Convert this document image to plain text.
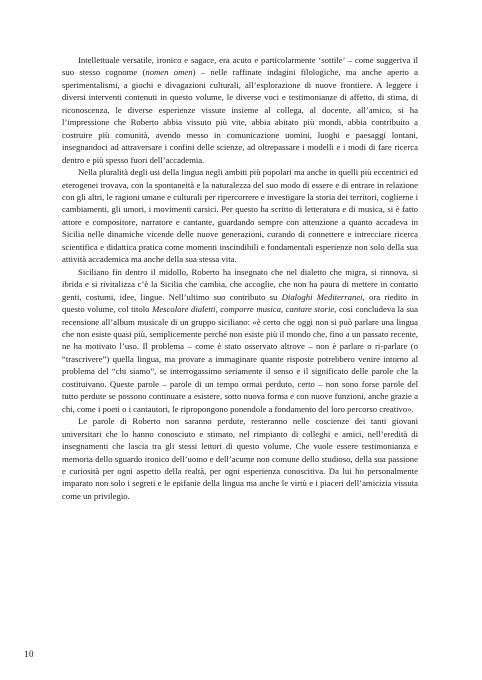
Intellettuale versatile, ironico e sagace, era acuto e particolarmente ‘sottile’ – come suggeriva il suo stesso cognome (nomen omen) – nelle raffinate indagini filologiche, ma anche aperto a sperimentalismi, a giochi e divagazioni culturali, all’esplorazione di nuove frontiere. A leggere i diversi interventi contenuti in questo volume, le diverse voci e testimonianze di affetto, di stima, di riconoscenza, le diverse esperienze vissute insieme al collega, al docente, all’amico, si ha l’impressione che Roberto abbia vissuto più vite, abbia abitato più mondi, abbia contribuito a costruire più comunità, avendo messo in comunicazione uomini, luoghi e paesaggi lontani, insegnandoci ad attraversare i confini delle scienze, ad oltrepassare i modelli e i modi di fare ricerca dentro e più spesso fuori dell’accademia.

Nella pluralità degli usi della lingua negli ambiti più popolari ma anche in quelli più eccentrici ed eterogenei trovava, con la spontaneità e la naturalezza del suo modo di essere e di entrare in relazione con gli altri, le ragioni umane e culturali per ripercorrere e investigare la storia dei territori, coglierne i cambiamenti, gli umori, i movimenti carsici. Per questo ha scritto di letteratura e di musica, si è fatto attore e compositore, narratore e cantante, guardando sempre con attenzione a quanto accadeva in Sicilia nelle dinamiche vicende delle nuove generazioni, curando di connettere e intrecciare ricerca scientifica e didattica pratica come momenti inscindibili e fondamentali esperienze non solo della sua attività accademica ma anche della sua stessa vita.

Siciliano fin dentro il midollo, Roberto ha insegnato che nel dialetto che migra, si rinnova, si ibrida e si rivitalizza c’è la Sicilia che cambia, che accoglie, che non ha paura di mettere in contatto genti, costumi, idee, lingue. Nell’ultimo suo contributo su Dialoghi Mediterranei, ora riedito in questo volume, col titolo Mescolare dialetti, comporre musica, cantare storie, così concludeva la sua recensione all’album musicale di un gruppo siciliano: «è certo che oggi non si può parlare una lingua che non esiste quasi più, semplicemente perché non esiste più il mondo che, fino a un passato recente, ne ha motivato l’uso. Il problema – come è stato osservato altrove – non è parlare o ri-parlare (o “trascrivere”) quella lingua, ma provare a immaginare quante risposte potrebbero venire intorno al problema del “chi siamo”, se interrogassimo seriamente il senso e il significato delle parole che la costituivano. Queste parole – parole di un tempo ormai perduto, certo – non sono forse parole del tutto perdute se possono continuare a esistere, sotto nuova forma e con nuove funzioni, anche grazie a chi, come i poeti o i cantautori, le ripropongono ponendole a fondamento del loro percorso creativo».

Le parole di Roberto non saranno perdute, resteranno nelle coscienze dei tanti giovani universitari che lo hanno conosciuto e stimato, nel rimpianto di colleghi e amici, nell’eredità di insegnamenti che lascia tra gli stessi lettori di questo volume. Che vuole essere testimonianza e memoria dello sguardo ironico dell’uomo e dell’acume non comune dello studioso, della sua passione e curiosità per ogni aspetto della realtà, per ogni esperienza conoscitiva. Da lui ho personalmente imparato non solo i segreti e le epifanie della lingua ma anche le virtù e i piaceri dell’amicizia vissuta come un privilegio.

10
